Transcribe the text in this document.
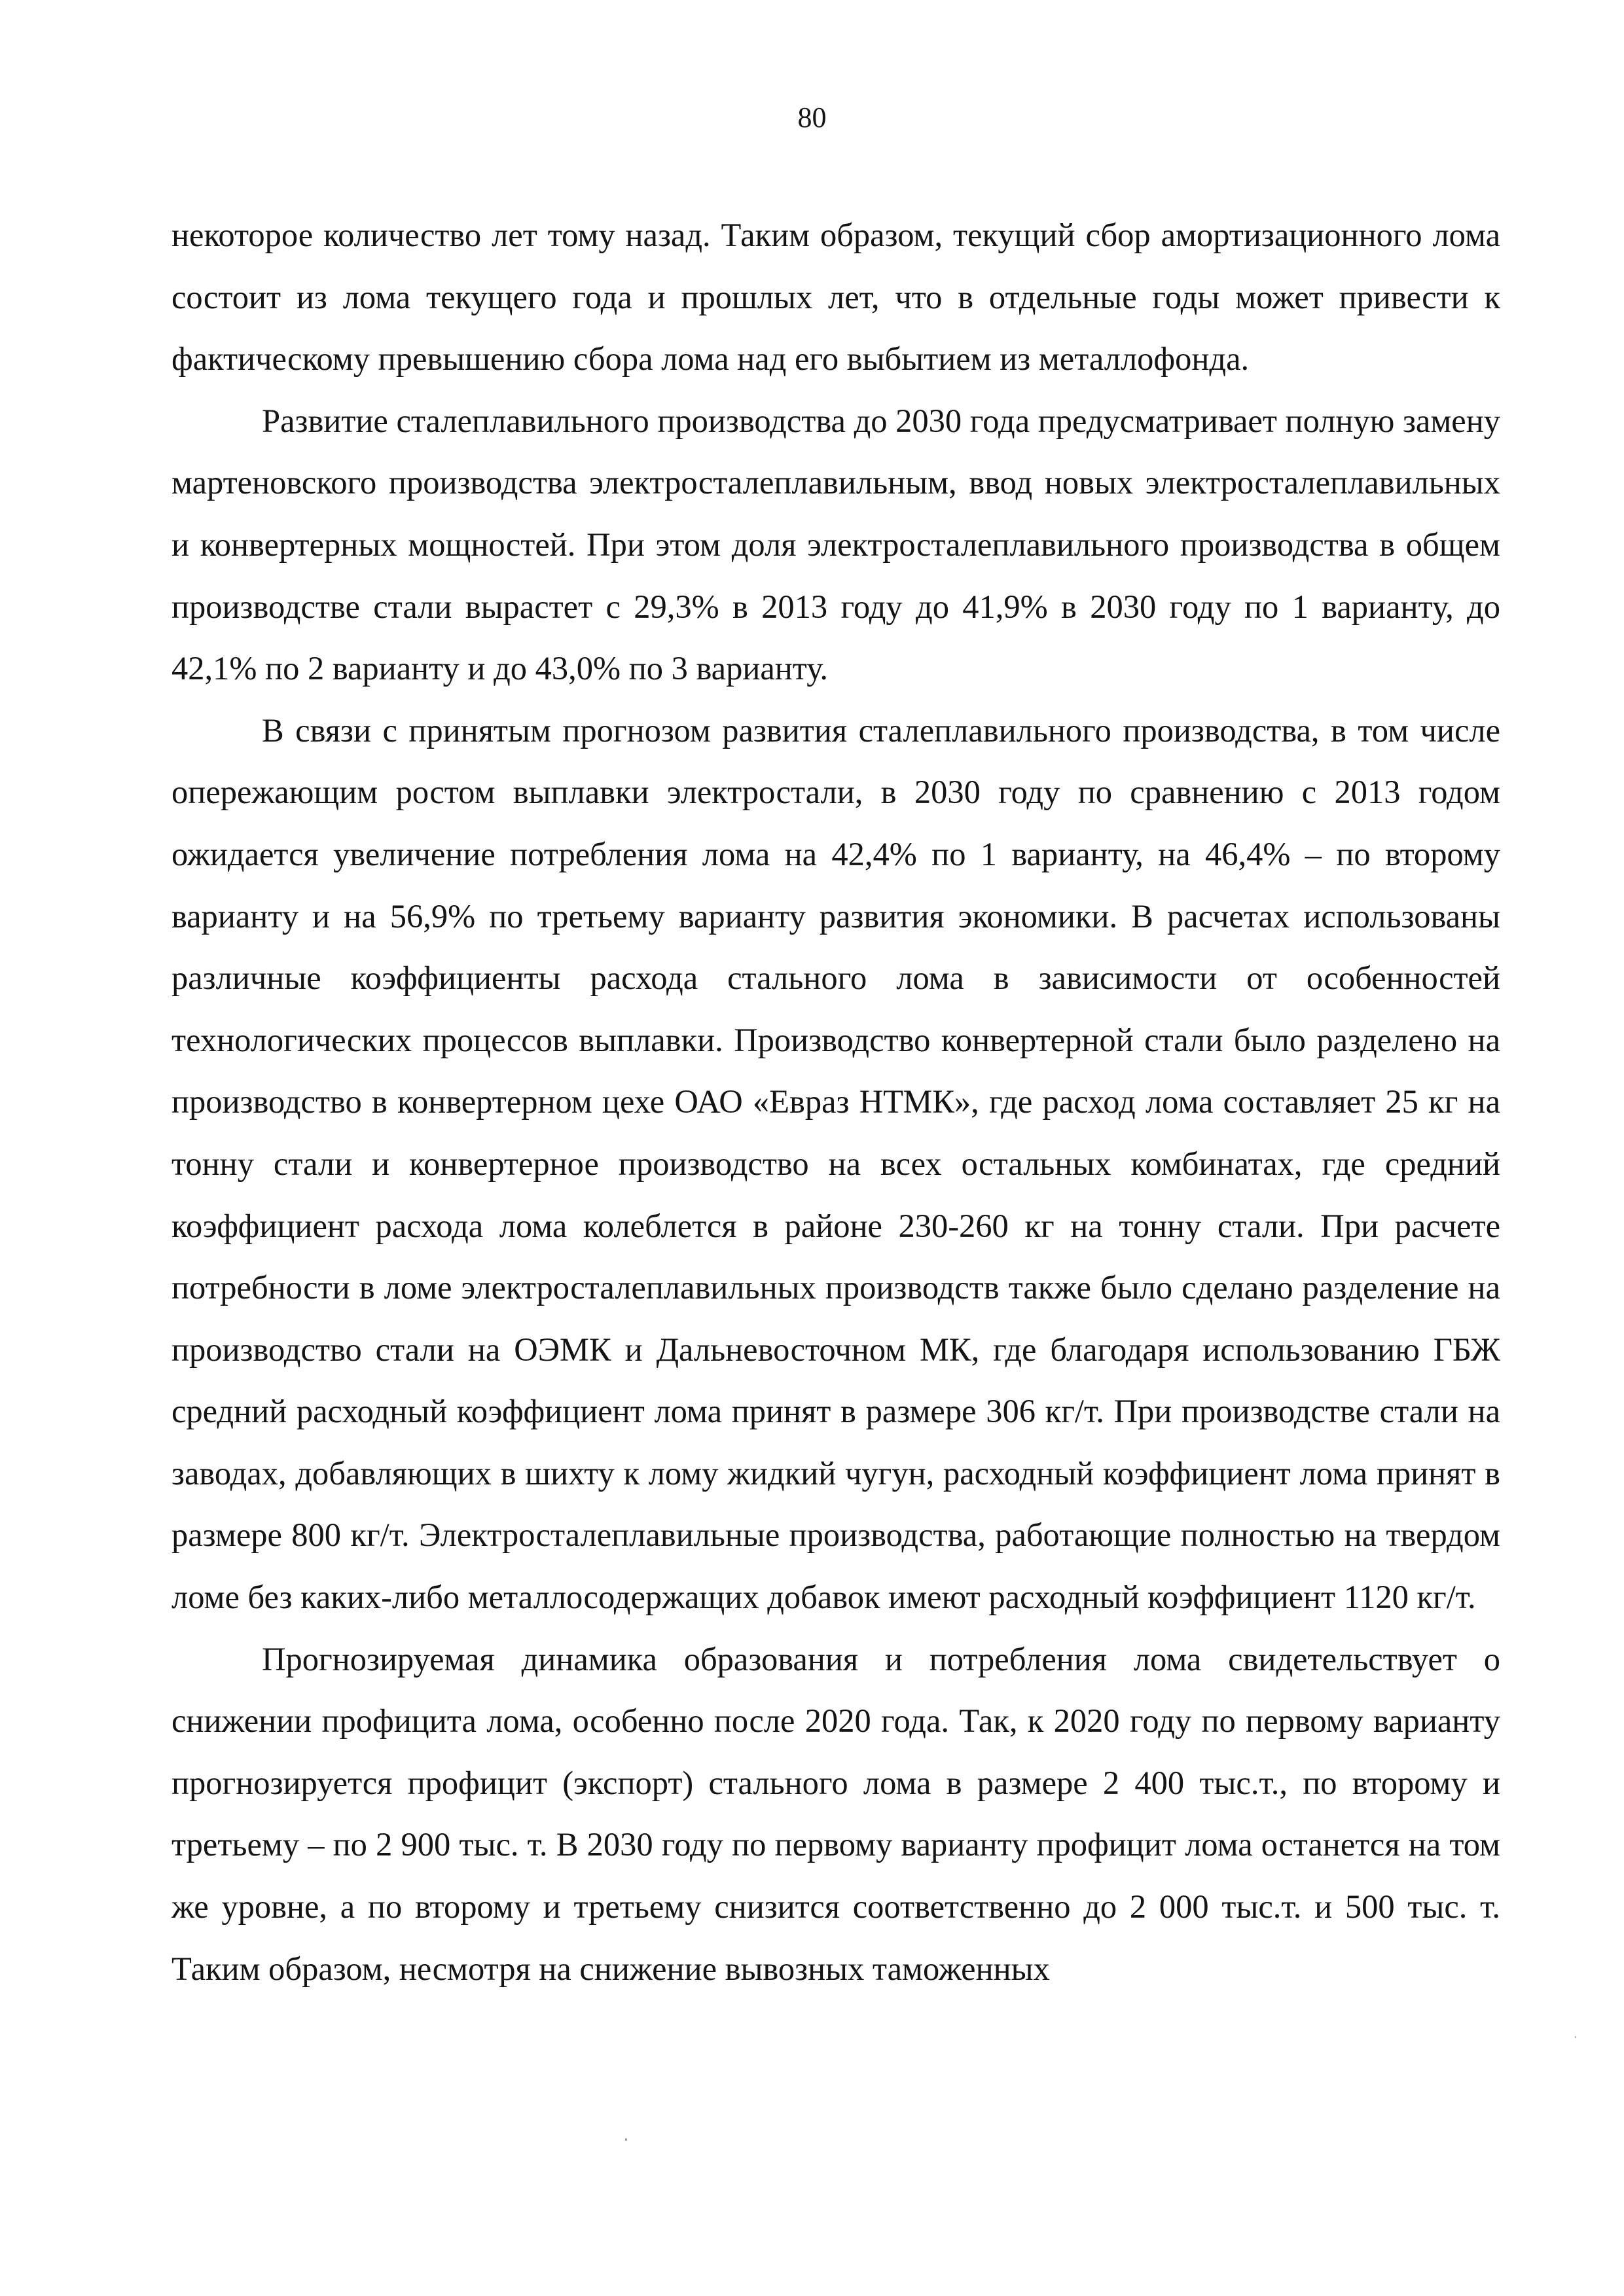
80

некоторое количество лет тому назад. Таким образом, текущий сбор амортизационного лома состоит из лома текущего года и прошлых лет, что в отдельные годы может привести к фактическому превышению сбора лома над его выбытием из металлофонда.

Развитие сталеплавильного производства до 2030 года предусматривает полную замену мартеновского производства электросталеплавильным, ввод новых электросталеплавильных и конвертерных мощностей. При этом доля электросталеплавильного производства в общем производстве стали вырастет с 29,3% в 2013 году до 41,9% в 2030 году по 1 варианту, до 42,1% по 2 варианту и до 43,0% по 3 варианту.

В связи с принятым прогнозом развития сталеплавильного производства, в том числе опережающим ростом выплавки электростали, в 2030 году по сравнению с 2013 годом ожидается увеличение потребления лома на 42,4% по 1 варианту, на 46,4% – по второму варианту и на 56,9% по третьему варианту развития экономики. В расчетах использованы различные коэффициенты расхода стального лома в зависимости от особенностей технологических процессов выплавки. Производство конвертерной стали было разделено на производство в конвертерном цехе ОАО «Евраз НТМК», где расход лома составляет 25 кг на тонну стали и конвертерное производство на всех остальных комбинатах, где средний коэффициент расхода лома колеблется в районе 230-260 кг на тонну стали. При расчете потребности в ломе электросталеплавильных производств также было сделано разделение на производство стали на ОЭМК и Дальневосточном МК, где благодаря использованию ГБЖ средний расходный коэффициент лома принят в размере 306 кг/т. При производстве стали на заводах, добавляющих в шихту к лому жидкий чугун, расходный коэффициент лома принят в размере 800 кг/т. Электросталеплавильные производства, работающие полностью на твердом ломе без каких-либо металлосодержащих добавок имеют расходный коэффициент 1120 кг/т.

Прогнозируемая динамика образования и потребления лома свидетельствует о снижении профицита лома, особенно после 2020 года. Так, к 2020 году по первому варианту прогнозируется профицит (экспорт) стального лома в размере 2 400 тыс.т., по второму и третьему – по 2 900 тыс. т. В 2030 году по первому варианту профицит лома останется на том же уровне, а по второму и третьему снизится соответственно до 2 000 тыс.т. и 500 тыс. т. Таким образом, несмотря на снижение вывозных таможенных
